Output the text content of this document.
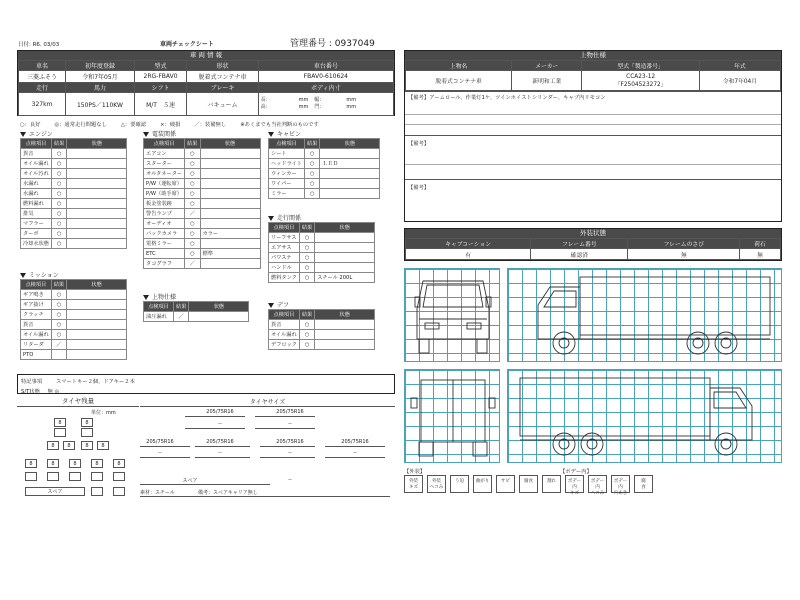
日付: R6. 03/03	車両チェックシート	管理番号 : 0937049
車 両 情 報
車名	初年度登録	型式	形状	車台番号
三菱ふそう	令和7年05月	2RG-FBAV0	脱着式コンテナ車	FBAV0-610624
走行	馬力	シフト	ブレーキ	ボディ内寸
327km	150PS／110KW	M/T　５速	バキューム	長： mm 幅： mm
高： mm 門： mm
○：良好	◎：通常走行問題なし	△：要確認	×：破損	／：装備無し	※あくまでも当社判断のものです
エンジン
点検項目	結果	状態
異音	○	
オイル漏れ	○	
オイル汚れ	○	
水漏れ	○	
水漏れ	○	
燃料漏れ	○	
排気	○	
マフラー	○	
ターボ	○	
冷却水状態	○	
電装関係
点検項目	結果	状態
エアコン	○	
スターター	○	
オルタネーター	○	
P/W（運転席）	○	
P/W（助手席）	○	
板金塗装跡	○	
警告ランプ	／	
オーディオ	○	
バックカメラ	○	カラー
電格ミラー	○	
ETC	○	標準
タコグラフ	／	
キャビン
点検項目	結果	状態
シート	○	
ヘッドライト	○	ＬＥＤ
ウィンカー	○	
ワイパー	○	
ミラー	○	
走行関係
点検項目	結果	状態
リーフサス	○	
エアサス	○	
パワステ	○	
ハンドル	○	
燃料タンク	○	スチール 200L
ミッション
点検項目	結果	状態
ギア鳴き	○	
ギア抜け	○	
クラッチ	○	
異音	○	
オイル漏れ	○	
リターダ	／	
PTO		
上物仕様
点検項目	結果	状態
油圧漏れ	／	
デフ
点検項目	結果	状態
異音	○	
オイル漏れ	○	
デフロック	○	
特記事項	スマートキー２個、ドアキー２本
S/T状態 無 ◎
タイヤ残量
単位：mm
8	8
8	8	8	8
8	8	8	8	8
スペア
タイヤサイズ
205/75R16	205/75R16
--	--
205/75R16	205/75R16	205/75R16	205/75R16
--	--	--	--
スペア	--
素材：スチール	備考：スペアキャリア無し
上物仕様
上物名	メーカー	型式「製造番号」	年式
脱着式コンテナ車	新明和工業	CCA23-12
「F2504523272」	令和7年04月
【備考】アームロール、作業灯1ケ、ツインホイストシリンダー、キャブ内リモコン
【備考】
【備考】
外装状態
キャブコーション	フレーム番号	フレームのさび	荷石
有	確認済	無	無
【外装】	【ボデー内】
外装
キズ
外装
ヘコみ
う迫	曲がり	サビ	腐食	割れ	ボデー内
キズ
ボデー内
ヘコみ
ボデー内
穴あき
腐
食
